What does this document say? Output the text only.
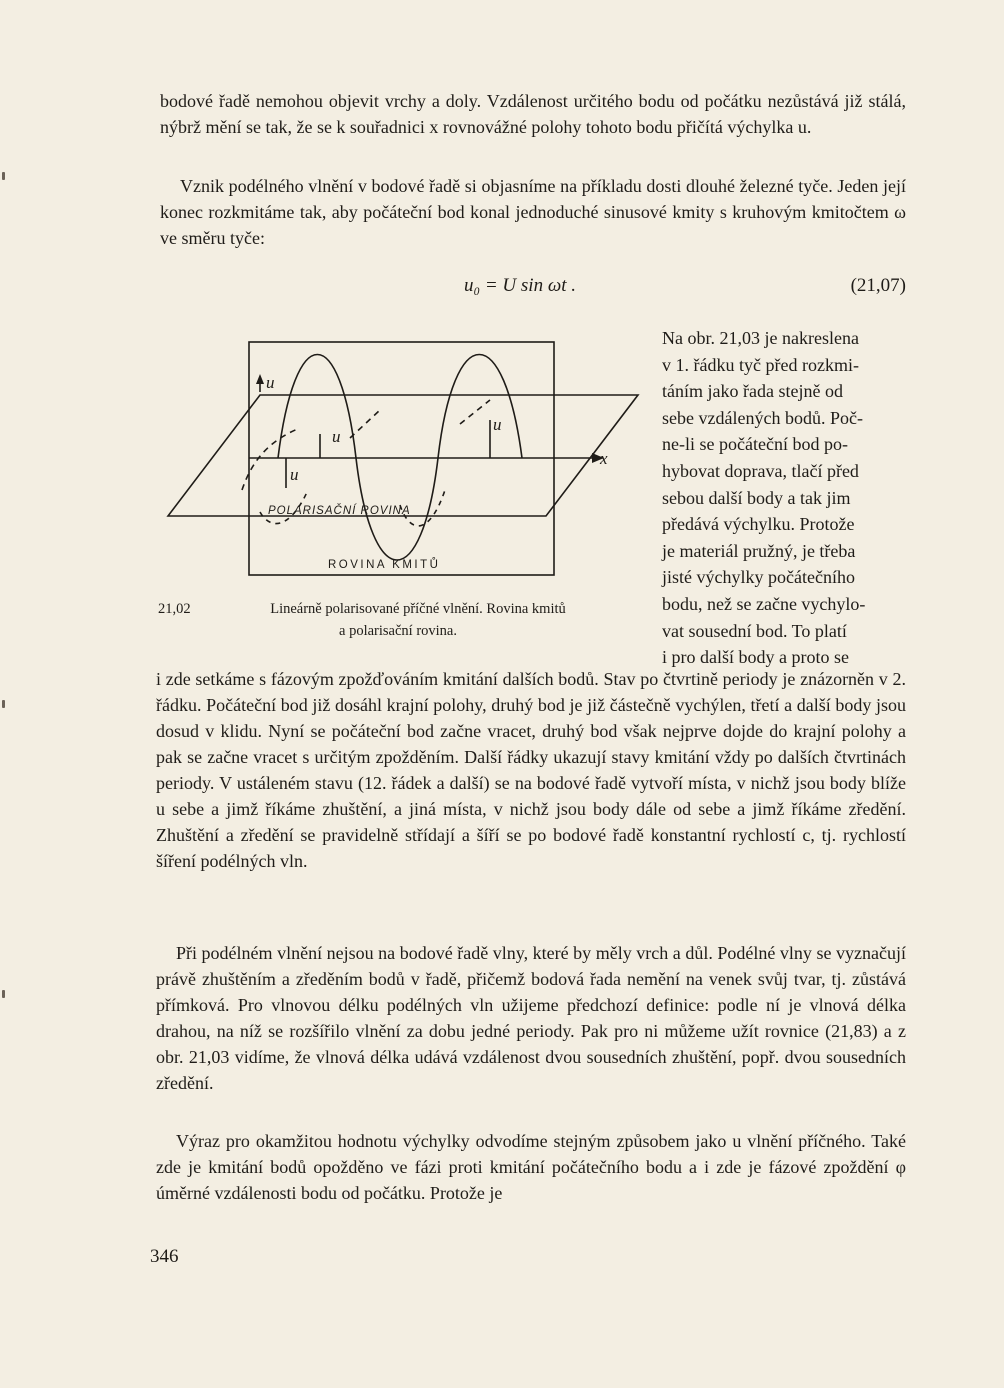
bodové řadě nemohou objevit vrchy a doly. Vzdálenost určitého bodu od počátku nezůstává již stálá, nýbrž mění se tak, že se k souřadnici x rovnovážné polohy tohoto bodu přičítá výchylka u.

Vznik podélného vlnění v bodové řadě si objasníme na příkladu dosti dlouhé železné tyče. Jeden její konec rozkmitáme tak, aby počáteční bod konal jednoduché sinusové kmity s kruhovým kmitočtem ω ve směru tyče:

u₀ = U sin ωt .	(21,07)
u
u
u
u
x
POLARISAČNÍ ROVINA
ROVINA KMITŮ
21,02	Lineárně polarisované příčné vlnění. Rovina kmitů
a polarisační rovina.
Na obr. 21,03 je nakreslena
v 1. řádku tyč před rozkmi-
táním jako řada stejně od
sebe vzdálených bodů. Poč-
ne-li se počáteční bod po-
hybovat doprava, tlačí před
sebou další body a tak jim
předává výchylku. Protože
je materiál pružný, je třeba
jisté výchylky počátečního
bodu, než se začne vychylo-
vat sousední bod. To platí
i pro další body a proto se

i zde setkáme s fázovým zpožďováním kmitání dalších bodů. Stav po čtvrtině periody je znázorněn v 2. řádku. Počáteční bod již dosáhl krajní polohy, druhý bod je již částečně vychýlen, třetí a další body jsou dosud v klidu. Nyní se počáteční bod začne vracet, druhý bod však nejprve dojde do krajní polohy a pak se začne vracet s určitým zpožděním. Další řádky ukazují stavy kmitání vždy po dalších čtvrtinách periody. V ustáleném stavu (12. řádek a další) se na bodové řadě vytvoří místa, v nichž jsou body blíže u sebe a jimž říkáme zhuštění, a jiná místa, v nichž jsou body dále od sebe a jimž říkáme zředění. Zhuštění a zředění se pravidelně střídají a šíří se po bodové řadě konstantní rychlostí c, tj. rychlostí šíření podélných vln.

Při podélném vlnění nejsou na bodové řadě vlny, které by měly vrch a důl. Podélné vlny se vyznačují právě zhuštěním a zředěním bodů v řadě, přičemž bodová řada nemění na venek svůj tvar, tj. zůstává přímková. Pro vlnovou délku podélných vln užijeme předchozí definice: podle ní je vlnová délka drahou, na níž se rozšířilo vlnění za dobu jedné periody. Pak pro ni můžeme užít rovnice (21,83) a z obr. 21,03 vidíme, že vlnová délka udává vzdálenost dvou sousedních zhuštění, popř. dvou sousedních zředění.

Výraz pro okamžitou hodnotu výchylky odvodíme stejným způsobem jako u vlnění příčného. Také zde je kmitání bodů opožděno ve fázi proti kmitání počátečního bodu a i zde je fázové zpoždění φ úměrné vzdálenosti bodu od počátku. Protože je

346
